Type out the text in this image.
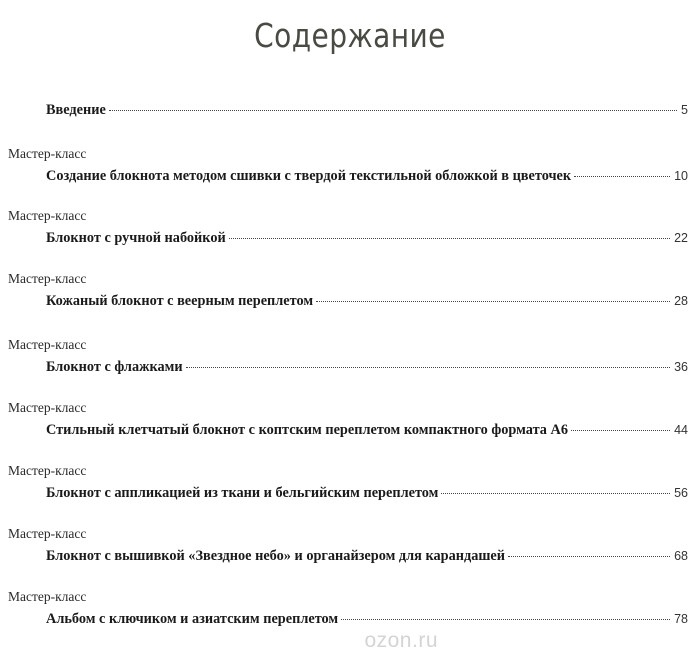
Содержание
Введение	5
Мастер-класс
Создание блокнота методом сшивки с твердой текстильной обложкой в цветочек	10
Мастер-класс
Блокнот с ручной набойкой	22
Мастер-класс
Кожаный блокнот с веерным переплетом	28
Мастер-класс
Блокнот с флажками	36
Мастер-класс
Стильный клетчатый блокнот с коптским переплетом компактного формата А6	44
Мастер-класс
Блокнот с аппликацией из ткани и бельгийским переплетом	56
Мастер-класс
Блокнот с вышивкой «Звездное небо» и органайзером для карандашей	68
Мастер-класс
Альбом с ключиком и азиатским переплетом	78
ozon.ru
